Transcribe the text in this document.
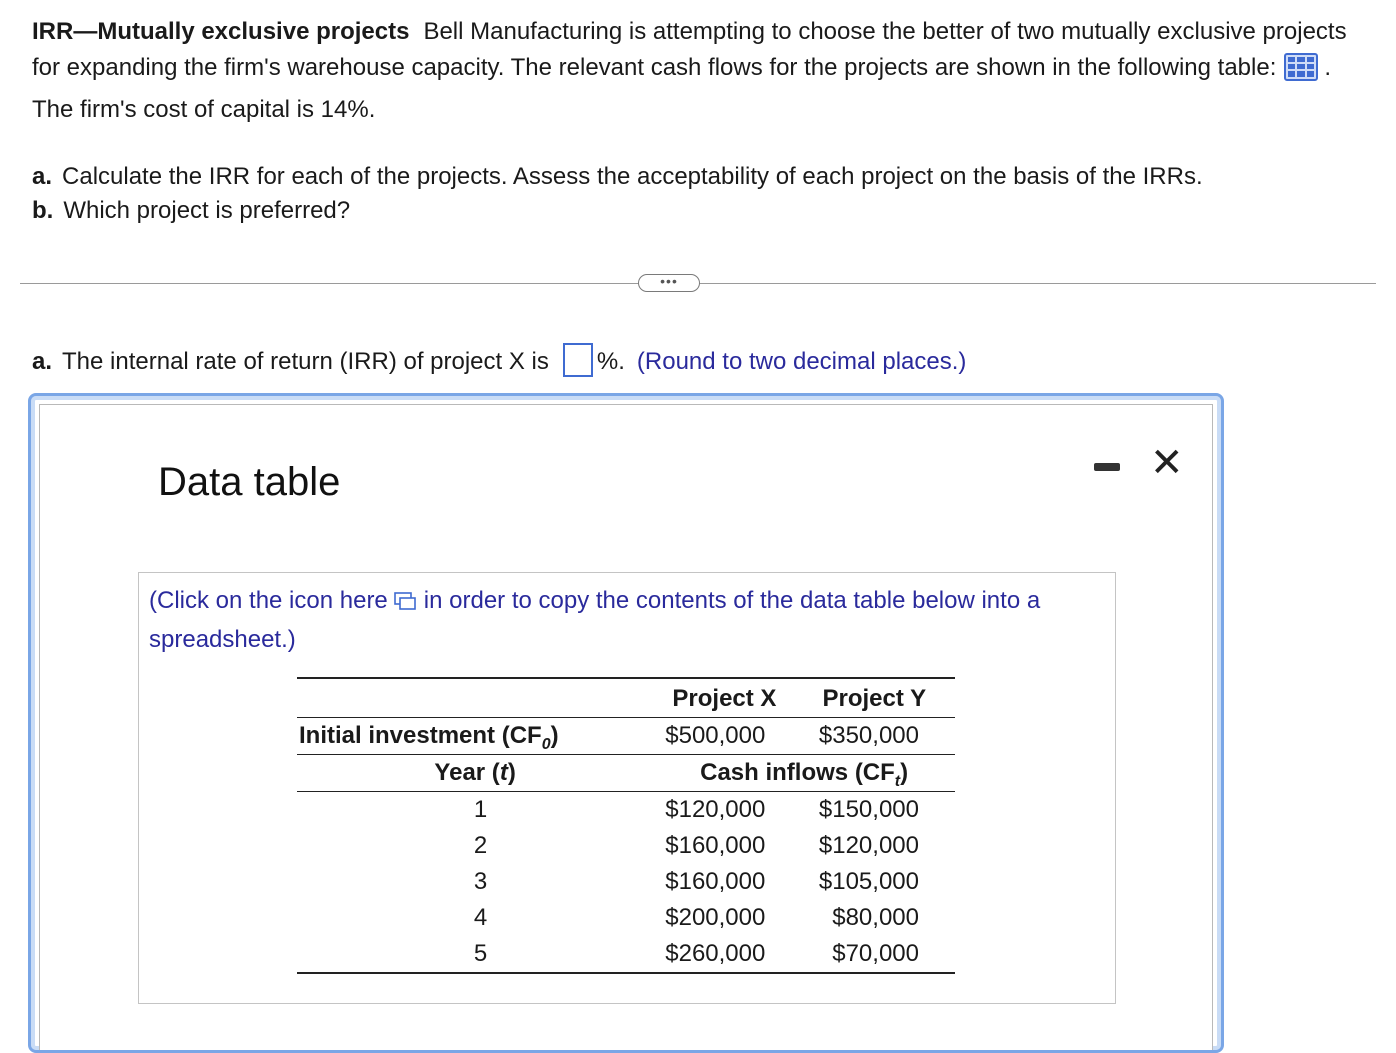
IRR—Mutually exclusive projects Bell Manufacturing is attempting to choose the better of two mutually exclusive projects for expanding the firm's warehouse capacity. The relevant cash flows for the projects are shown in the following table: . The firm's cost of capital is 14%.
a. Calculate the IRR for each of the projects. Assess the acceptability of each project on the basis of the IRRs.
b. Which project is preferred?
•••
a. The internal rate of return (IRR) of project X is %. (Round to two decimal places.)
Data table	✕
(Click on the icon here in order to copy the contents of the data table below into a spreadsheet.)
	Project X	Project Y
Initial investment $(CF_0)$	$500,000	$350,000
Year (t)	Cash inflows $(CF_t)$	
1	$120,000	$150,000
2	$160,000	$120,000
3	$160,000	$105,000
4	$200,000	$80,000
5	$260,000	$70,000
